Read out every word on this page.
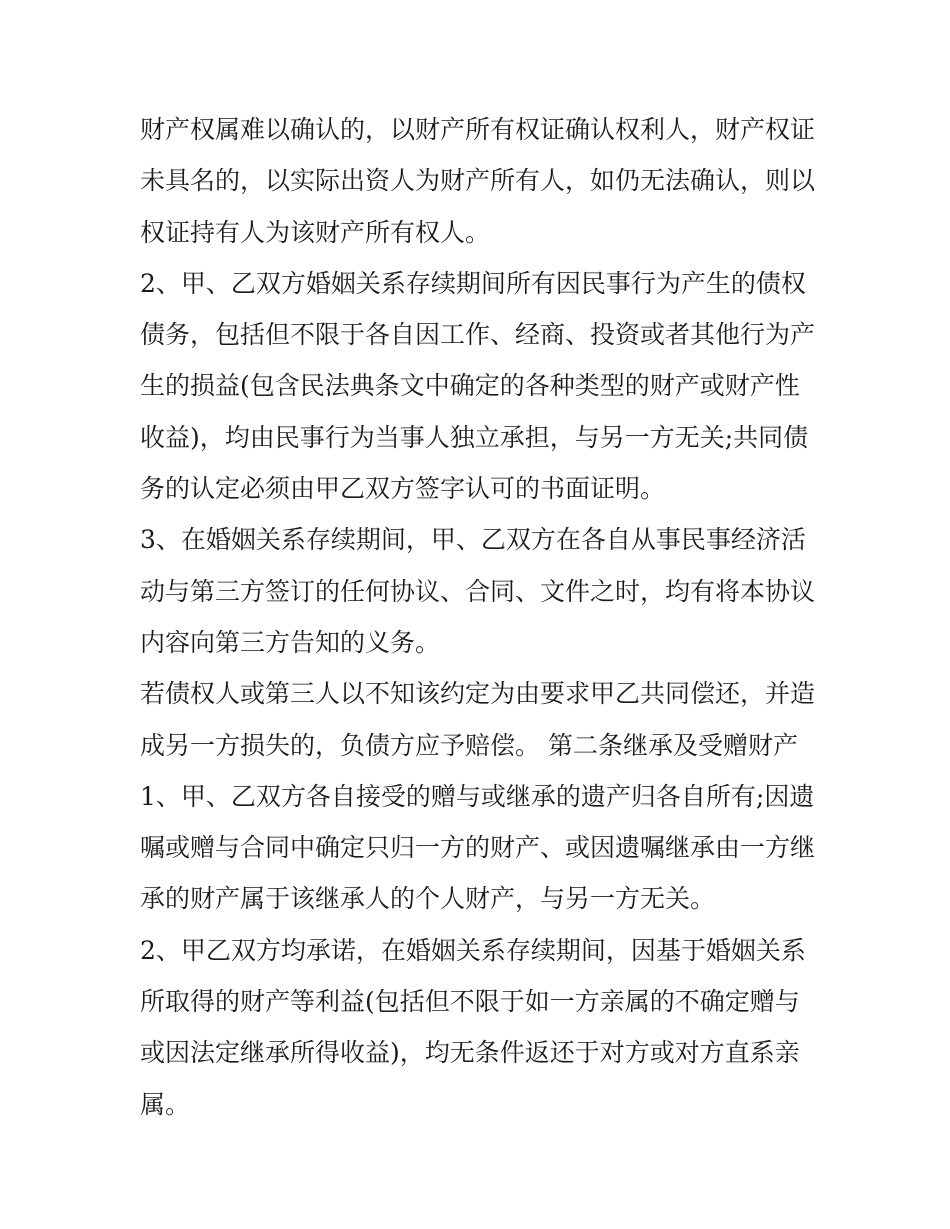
财产权属难以确认的，以财产所有权证确认权利人，财产权证
未具名的，以实际出资人为财产所有人，如仍无法确认，则以
权证持有人为该财产所有权人。
2、甲、乙双方婚姻关系存续期间所有因民事行为产生的债权
债务，包括但不限于各自因工作、经商、投资或者其他行为产
生的损益(包含民法典条文中确定的各种类型的财产或财产性
收益)，均由民事行为当事人独立承担，与另一方无关;共同债
务的认定必须由甲乙双方签字认可的书面证明。
3、在婚姻关系存续期间，甲、乙双方在各自从事民事经济活
动与第三方签订的任何协议、合同、文件之时，均有将本协议
内容向第三方告知的义务。
若债权人或第三人以不知该约定为由要求甲乙共同偿还，并造
成另一方损失的，负债方应予赔偿。 第二条继承及受赠财产
1、甲、乙双方各自接受的赠与或继承的遗产归各自所有;因遗
嘱或赠与合同中确定只归一方的财产、或因遗嘱继承由一方继
承的财产属于该继承人的个人财产，与另一方无关。
2、甲乙双方均承诺，在婚姻关系存续期间，因基于婚姻关系
所取得的财产等利益(包括但不限于如一方亲属的不确定赠与
或因法定继承所得收益)，均无条件返还于对方或对方直系亲
属。
